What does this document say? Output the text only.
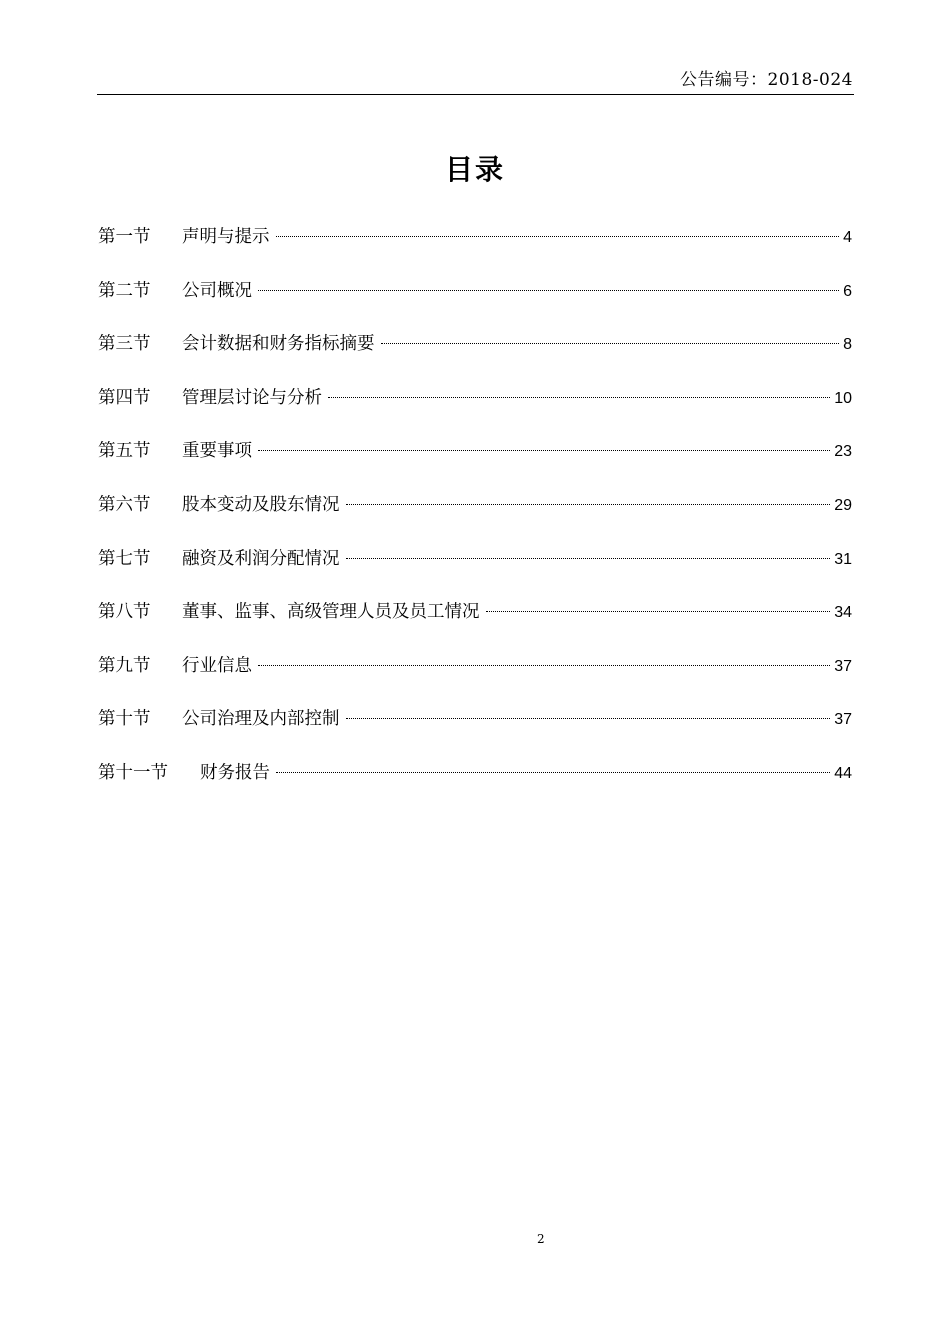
公告编号：2018-024
目录
第一节	声明与提示	4
第二节	公司概况	6
第三节	会计数据和财务指标摘要	8
第四节	管理层讨论与分析	10
第五节	重要事项	23
第六节	股本变动及股东情况	29
第七节	融资及利润分配情况	31
第八节	董事、监事、高级管理人员及员工情况	34
第九节	行业信息	37
第十节	公司治理及内部控制	37
第十一节	财务报告	44
2
